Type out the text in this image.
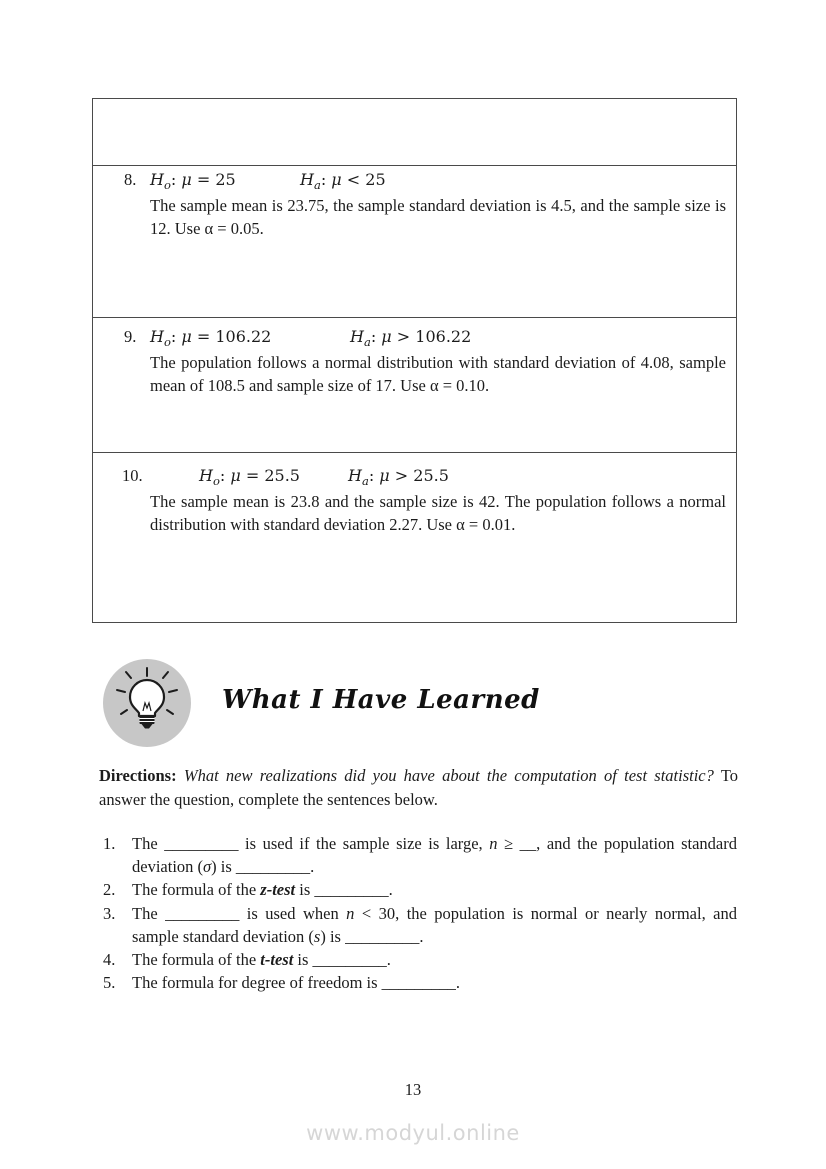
8. $H_o$: μ = 25	$H_a$: μ < 25

The sample mean is 23.75, the sample standard deviation is 4.5, and the sample size is 12. Use α = 0.05.

9. $H_o$: μ = 106.22	$H_a$: μ > 106.22

The population follows a normal distribution with standard deviation of 4.08, sample mean of 108.5 and sample size of 17. Use α = 0.10.

10.	$H_o$: μ = 25.5	$H_a$: μ > 25.5

The sample mean is 23.8 and the sample size is 42. The population follows a normal distribution with standard deviation 2.27. Use α = 0.01.

What I Have Learned

Directions: What new realizations did you have about the computation of test statistic? To answer the question, complete the sentences below.

1.	The _________ is used if the sample size is large, n ≥ __, and the population standard deviation (σ) is _________.
2.	The formula of the z-test is _________.
3.	The _________ is used when n < 30, the population is normal or nearly normal, and sample standard deviation (s) is _________.
4.	The formula of the t-test is _________.
5.	The formula for degree of freedom is _________.
13
www.modyul.online
